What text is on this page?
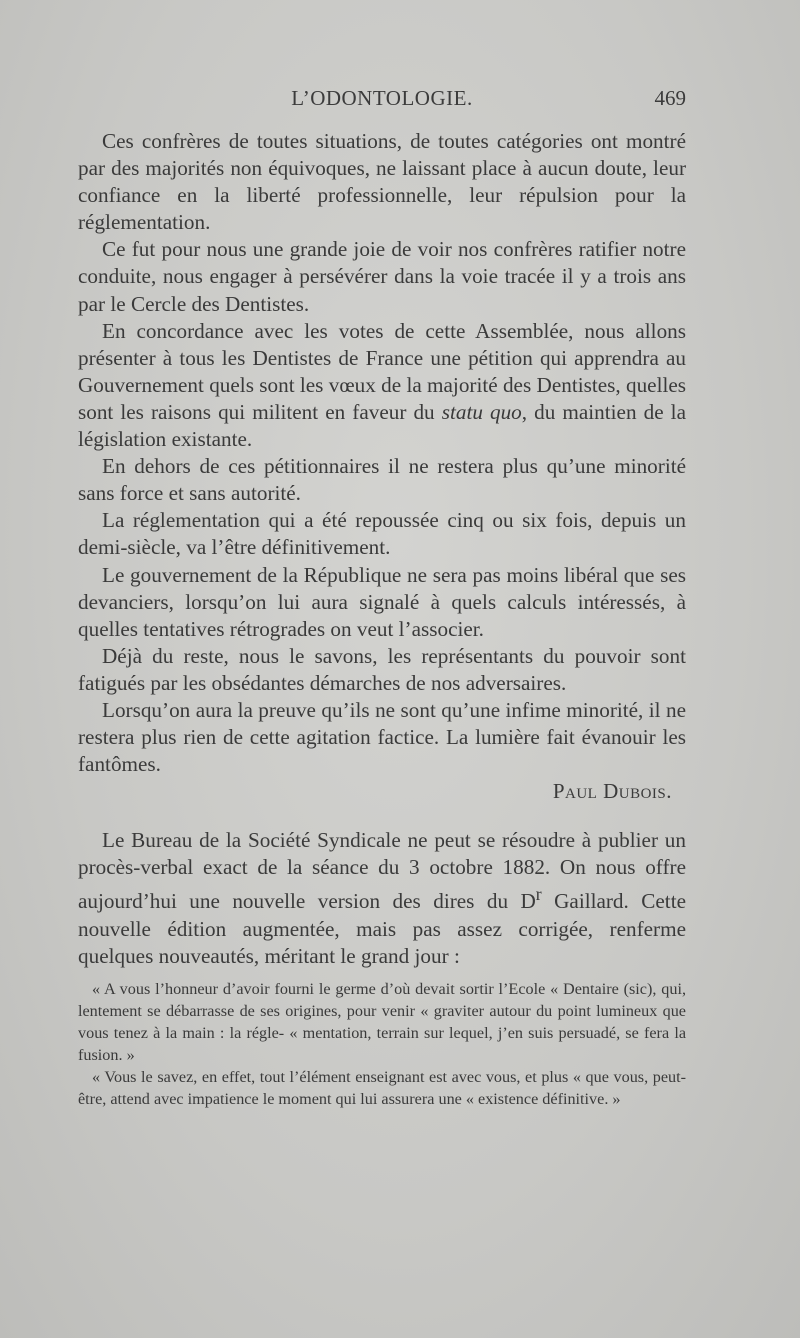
L’ODONTOLOGIE.	469

Ces confrères de toutes situations, de toutes catégories ont montré par des majorités non équivoques, ne laissant place à aucun doute, leur confiance en la liberté professionnelle, leur répulsion pour la réglementation.

Ce fut pour nous une grande joie de voir nos confrères ratifier notre conduite, nous engager à persévérer dans la voie tracée il y a trois ans par le Cercle des Dentistes.

En concordance avec les votes de cette Assemblée, nous allons présenter à tous les Dentistes de France une pétition qui apprendra au Gouvernement quels sont les vœux de la majorité des Dentistes, quelles sont les raisons qui militent en faveur du statu quo, du maintien de la législation existante.

En dehors de ces pétitionnaires il ne restera plus qu’une minorité sans force et sans autorité.

La réglementation qui a été repoussée cinq ou six fois, depuis un demi-siècle, va l’être définitivement.

Le gouvernement de la République ne sera pas moins libéral que ses devanciers, lorsqu’on lui aura signalé à quels calculs intéressés, à quelles tentatives rétrogrades on veut l’associer.

Déjà du reste, nous le savons, les représentants du pouvoir sont fatigués par les obsédantes démarches de nos adversaires.

Lorsqu’on aura la preuve qu’ils ne sont qu’une infime minorité, il ne restera plus rien de cette agitation factice. La lumière fait évanouir les fantômes.

Paul Dubois.

Le Bureau de la Société Syndicale ne peut se résoudre à publier un procès-verbal exact de la séance du 3 octobre 1882. On nous offre aujourd’hui une nouvelle version des dires du $D^r$ Gaillard. Cette nouvelle édition augmentée, mais pas assez corrigée, renferme quelques nouveautés, méritant le grand jour :

« A vous l’honneur d’avoir fourni le germe d’où devait sortir l’Ecole « Dentaire (sic), qui, lentement se débarrasse de ses origines, pour venir « graviter autour du point lumineux que vous tenez à la main : la régle- « mentation, terrain sur lequel, j’en suis persuadé, se fera la fusion. »

« Vous le savez, en effet, tout l’élément enseignant est avec vous, et plus « que vous, peut-être, attend avec impatience le moment qui lui assurera une « existence définitive. »
